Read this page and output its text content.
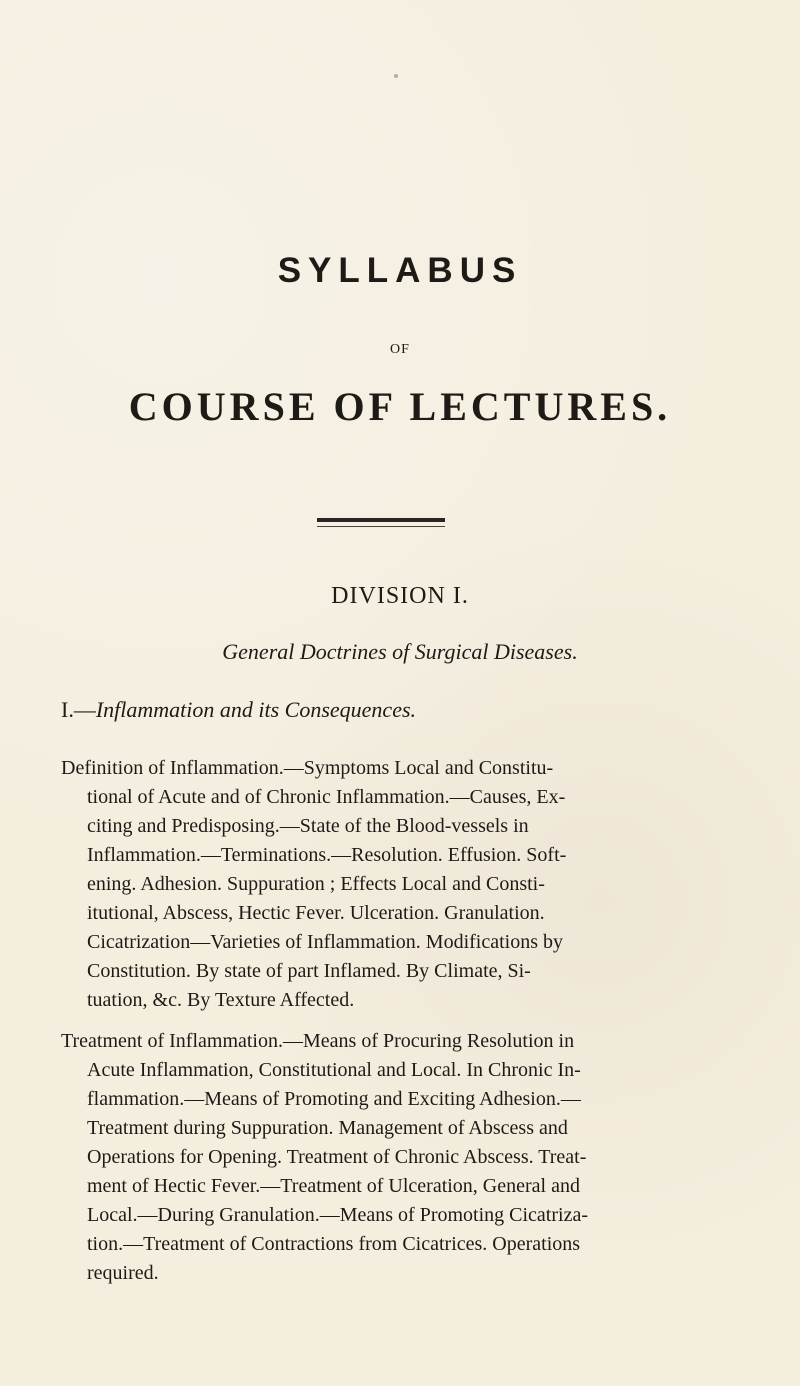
SYLLABUS
OF
COURSE OF LECTURES.
DIVISION I.
General Doctrines of Surgical Diseases.
I.—Inflammation and its Consequences.
Definition of Inflammation.—Symptoms Local and Constitu-
tional of Acute and of Chronic Inflammation.—Causes, Ex-
citing and Predisposing.—State of the Blood-vessels in
Inflammation.—Terminations.—Resolution. Effusion. Soft-
ening. Adhesion. Suppuration ; Effects Local and Consti-
itutional, Abscess, Hectic Fever. Ulceration. Granulation.
Cicatrization—Varieties of Inflammation. Modifications by
Constitution. By state of part Inflamed. By Climate, Si-
tuation, &c. By Texture Affected.
Treatment of Inflammation.—Means of Procuring Resolution in
Acute Inflammation, Constitutional and Local. In Chronic In-
flammation.—Means of Promoting and Exciting Adhesion.—
Treatment during Suppuration. Management of Abscess and
Operations for Opening. Treatment of Chronic Abscess. Treat-
ment of Hectic Fever.—Treatment of Ulceration, General and
Local.—During Granulation.—Means of Promoting Cicatriza-
tion.—Treatment of Contractions from Cicatrices. Operations
required.
